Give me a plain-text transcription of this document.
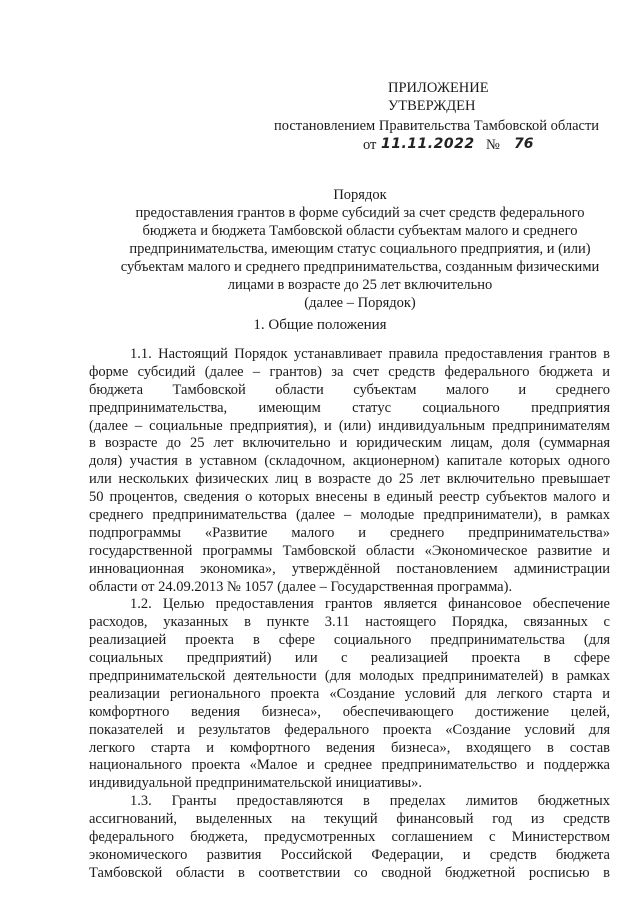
ПРИЛОЖЕНИЕ
УТВЕРЖДЕН
постановлением Правительства Тамбовской области
от 11.11.2022 № 76
Порядок
предоставления грантов в форме субсидий за счет средств федерального
бюджета и бюджета Тамбовской области субъектам малого и среднего
предпринимательства, имеющим статус социального предприятия, и (или)
субъектам малого и среднего предпринимательства, созданным физическими
лицами в возрасте до 25 лет включительно
(далее – Порядок)
1. Общие положения
1.1. Настоящий Порядок устанавливает правила предоставления грантов в
форме субсидий (далее – грантов) за счет средств федерального бюджета и
бюджета Тамбовской области субъектам малого и среднего
предпринимательства, имеющим статус социального предприятия
(далее – социальные предприятия), и (или) индивидуальным предпринимателям
в возрасте до 25 лет включительно и юридическим лицам, доля (суммарная
доля) участия в уставном (складочном, акционерном) капитале которых одного
или нескольких физических лиц в возрасте до 25 лет включительно превышает
50 процентов, сведения о которых внесены в единый реестр субъектов малого и
среднего предпринимательства (далее – молодые предприниматели), в рамках
подпрограммы «Развитие малого и среднего предпринимательства»
государственной программы Тамбовской области «Экономическое развитие и
инновационная экономика», утверждённой постановлением администрации
области от 24.09.2013 № 1057 (далее – Государственная программа).
1.2. Целью предоставления грантов является финансовое обеспечение
расходов, указанных в пункте 3.11 настоящего Порядка, связанных с
реализацией проекта в сфере социального предпринимательства (для
социальных предприятий) или с реализацией проекта в сфере
предпринимательской деятельности (для молодых предпринимателей) в рамках
реализации регионального проекта «Создание условий для легкого старта и
комфортного ведения бизнеса», обеспечивающего достижение целей,
показателей и результатов федерального проекта «Создание условий для
легкого старта и комфортного ведения бизнеса», входящего в состав
национального проекта «Малое и среднее предпринимательство и поддержка
индивидуальной предпринимательской инициативы».
1.3. Гранты предоставляются в пределах лимитов бюджетных
ассигнований, выделенных на текущий финансовый год из средств
федерального бюджета, предусмотренных соглашением с Министерством
экономического развития Российской Федерации, и средств бюджета
Тамбовской области в соответствии со сводной бюджетной росписью в
